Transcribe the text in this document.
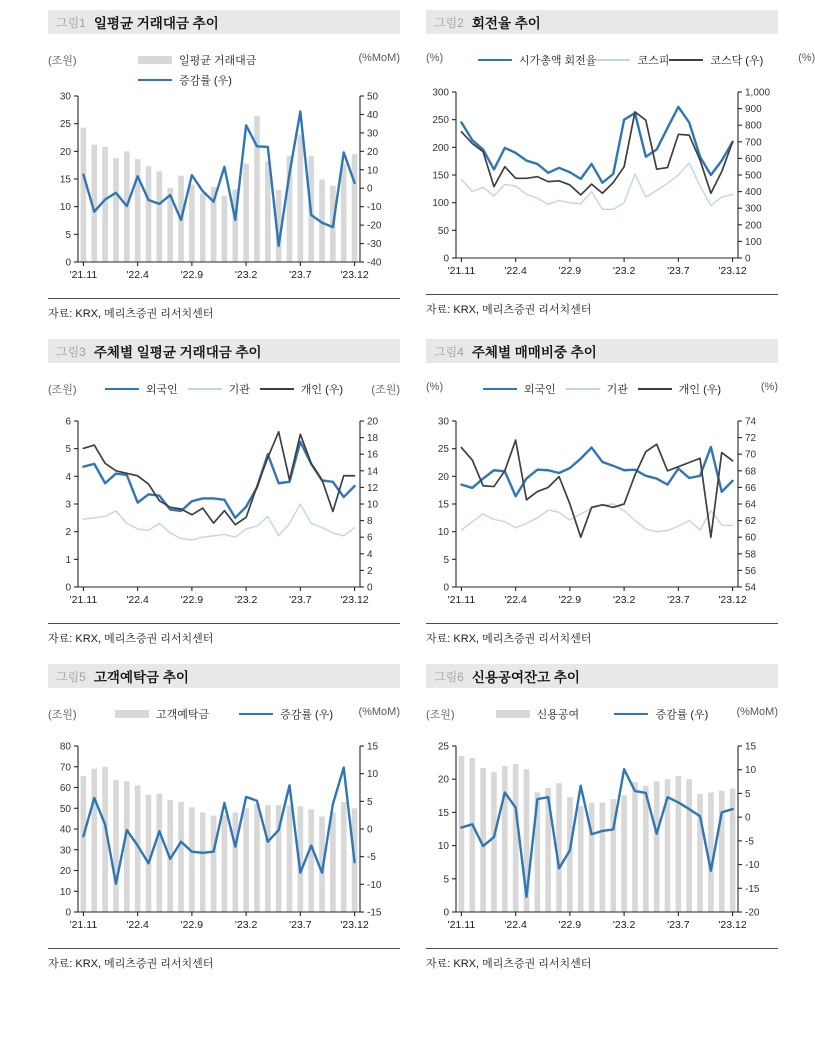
그림1 일평균 거래대금 추이
(조원)	일평균 거래대금
증감률 (우)
(%MoM)
0
5
10
15
20
25
30
-40
-30
-20
-10
0
10
20
30
40
50
'21.11	'22.4	'22.9	'23.2	'23.7	'23.12
자료: KRX, 메리츠증권 리서치센터
그림2 회전율 추이
(%)	시가총액 회전율	코스피	코스닥 (우)	(%)
0
50
100
150
200
250
300
0
100
200
300
400
500
600
700
800
900
1,000
'21.11	'22.4	'22.9	'23.2	'23.7	'23.12
자료: KRX, 메리츠증권 리서치센터
그림3 주체별 일평균 거래대금 추이
(조원)	외국인	기관	개인 (우)	(조원)
0
1
2
3
4
5
6
0
2
4
6
8
10
12
14
16
18
20
'21.11	'22.4	'22.9	'23.2	'23.7	'23.12
자료: KRX, 메리츠증권 리서치센터
그림4 주체별 매매비중 추이
(%)	외국인	기관	개인 (우)	(%)
0
5
10
15
20
25
30
54
56
58
60
62
64
66
68
70
72
74
'21.11	'22.4	'22.9	'23.2	'23.7	'23.12
자료: KRX, 메리츠증권 리서치센터
그림5 고객예탁금 추이
(조원)	고객예탁금	증감률 (우)	(%MoM)
0
10
20
30
40
50
60
70
80
-15
-10
-5
0
5
10
15
'21.11	'22.4	'22.9	'23.2	'23.7	'23.12
자료: KRX, 메리츠증권 리서치센터
그림6 신용공여잔고 추이
(조원)	신용공여	증감률 (우)	(%MoM)
0
5
10
15
20
25
-20
-15
-10
-5
0
5
10
15
'21.11	'22.4	'22.9	'23.2	'23.7	'23.12
자료: KRX, 메리츠증권 리서치센터
